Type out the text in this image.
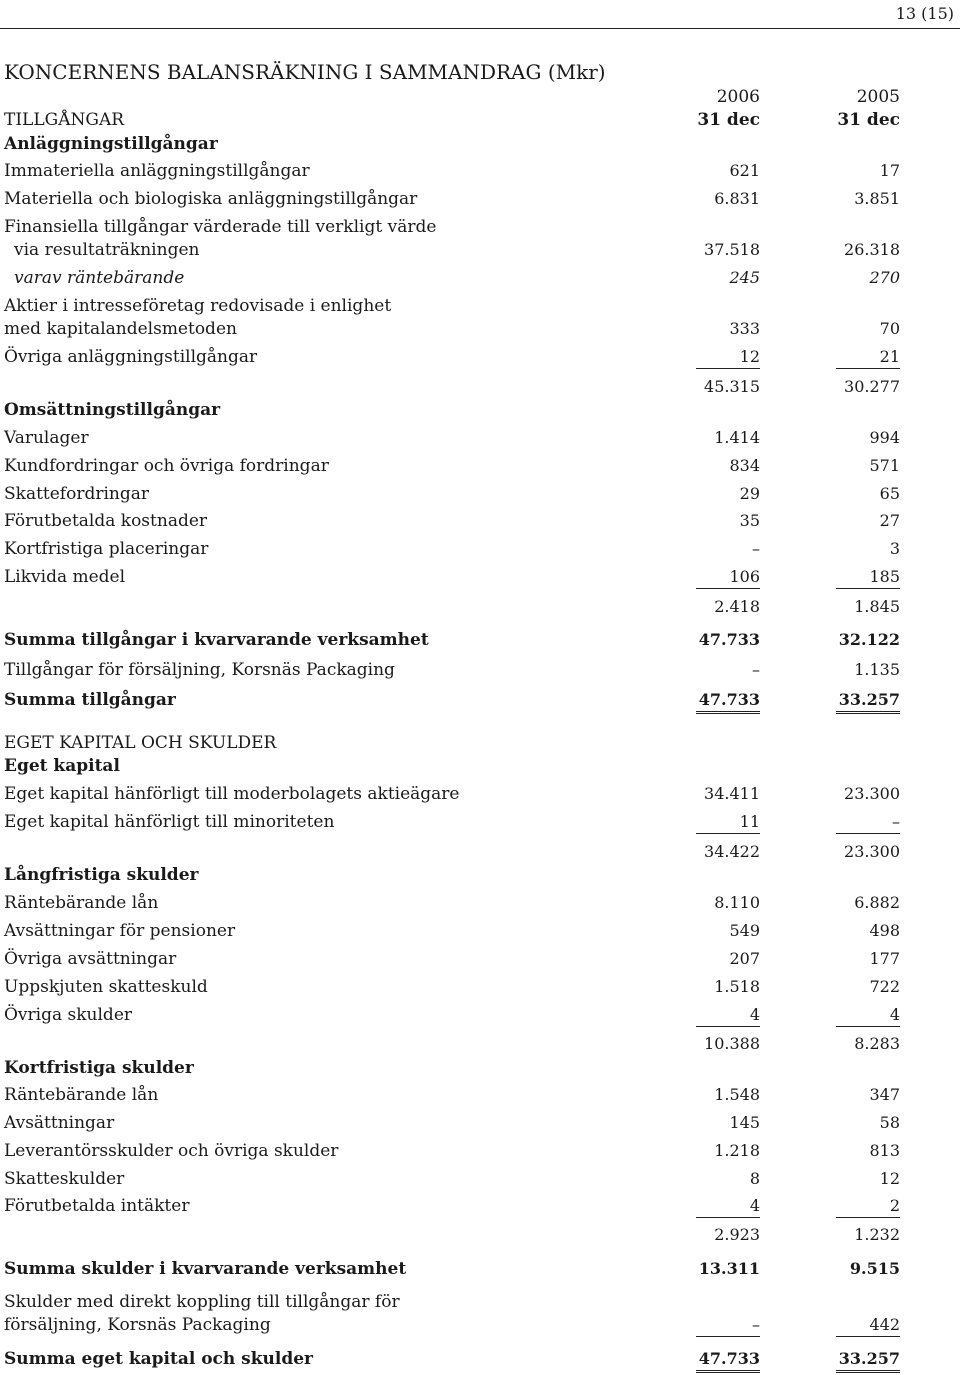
13 (15)
KONCERNENS BALANSRÄKNING I SAMMANDRAG (Mkr)
2006	2005
TILLGÅNGAR	31 dec	31 dec
Anläggningstillgångar
Immateriella anläggningstillgångar	621	17
Materiella och biologiska anläggningstillgångar	6.831	3.851
Finansiella tillgångar värderade till verkligt värde
via resultaträkningen	37.518	26.318
varav räntebärande	245	270
Aktier i intresseföretag redovisade i enlighet
med kapitalandelsmetoden	333	70
Övriga anläggningstillgångar	12	21
45.315	30.277
Omsättningstillgångar
Varulager	1.414	994
Kundfordringar och övriga fordringar	834	571
Skattefordringar	29	65
Förutbetalda kostnader	35	27
Kortfristiga placeringar	–	3
Likvida medel	106	185
2.418	1.845
Summa tillgångar i kvarvarande verksamhet	47.733	32.122
Tillgångar för försäljning, Korsnäs Packaging	–	1.135
Summa tillgångar	47.733	33.257
EGET KAPITAL OCH SKULDER
Eget kapital
Eget kapital hänförligt till moderbolagets aktieägare	34.411	23.300
Eget kapital hänförligt till minoriteten	11	–
34.422	23.300
Långfristiga skulder
Räntebärande lån	8.110	6.882
Avsättningar för pensioner	549	498
Övriga avsättningar	207	177
Uppskjuten skatteskuld	1.518	722
Övriga skulder	4	4
10.388	8.283
Kortfristiga skulder
Räntebärande lån	1.548	347
Avsättningar	145	58
Leverantörsskulder och övriga skulder	1.218	813
Skatteskulder	8	12
Förutbetalda intäkter	4	2
2.923	1.232
Summa skulder i kvarvarande verksamhet	13.311	9.515
Skulder med direkt koppling till tillgångar för
försäljning, Korsnäs Packaging	–	442
Summa eget kapital och skulder	47.733	33.257
